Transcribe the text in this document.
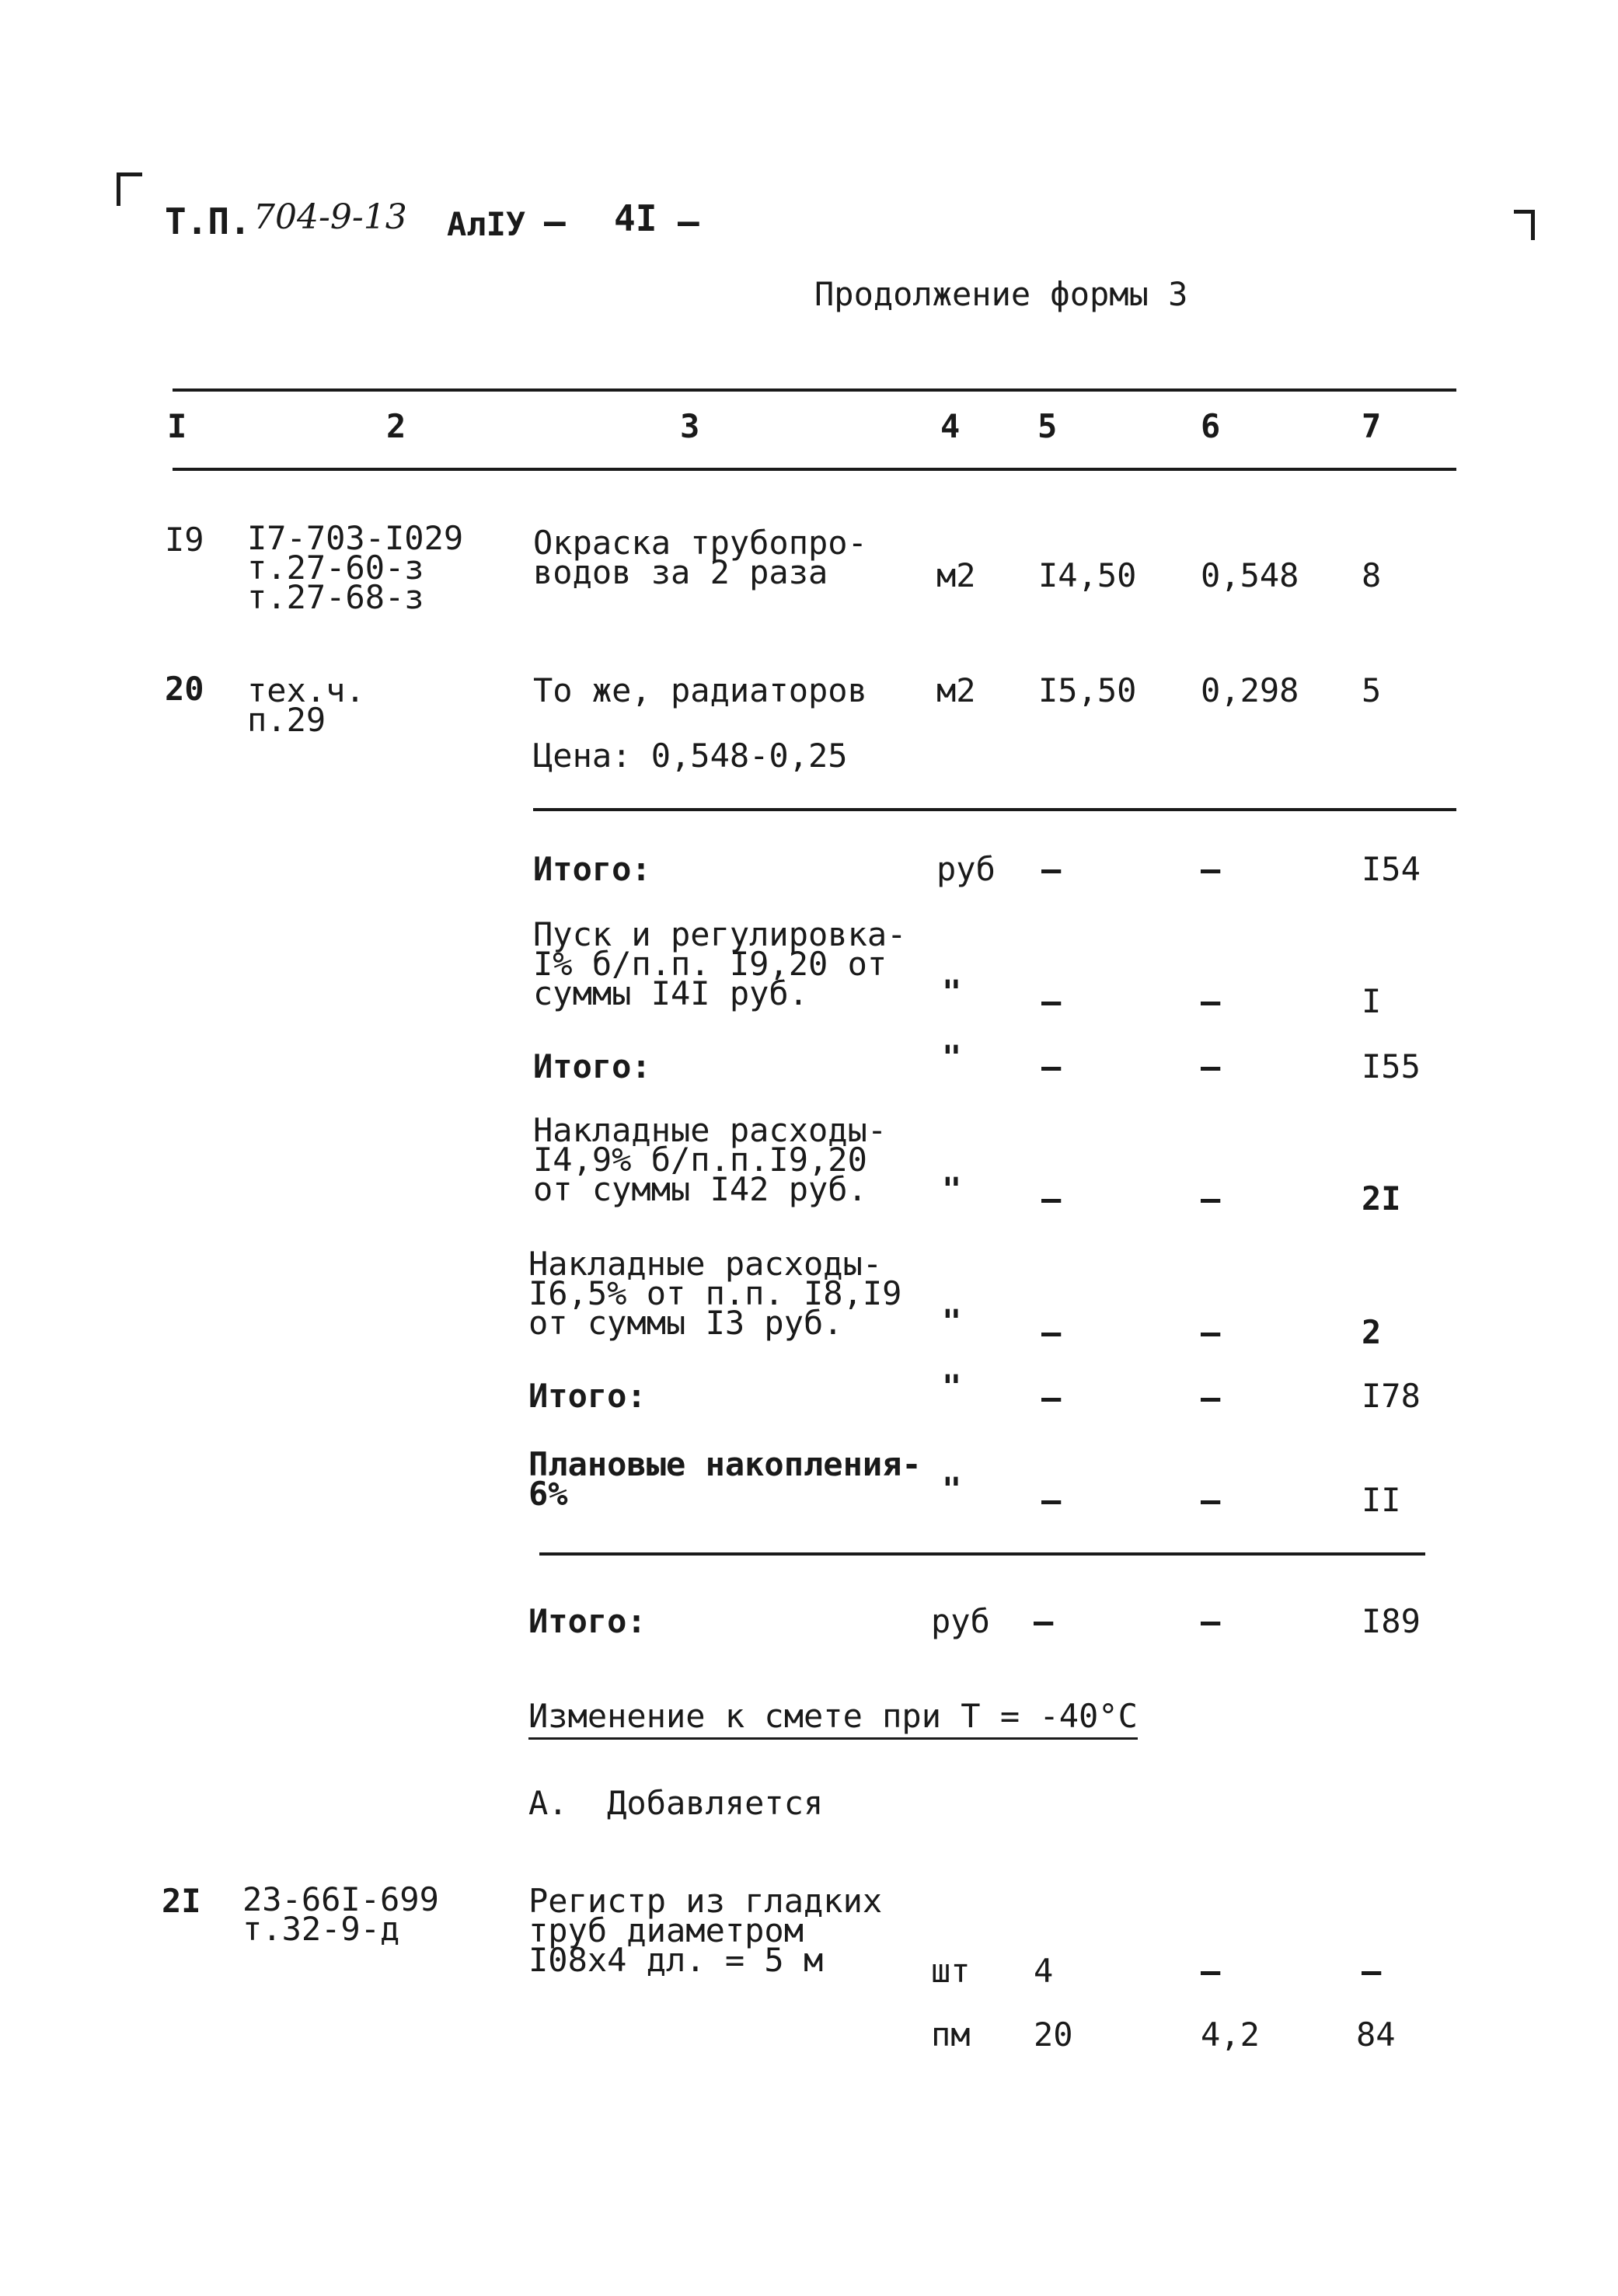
Т.П. 704-9-13 АлIУ — 4I —
Продолжение формы 3
I	2	3	4 5	6	7
I9 I7-703-I029
т.27-60-з
т.27-68-з
Окраска трубопро-
водов за 2 раза	м2 I4,50 0,548 8
20 тех.ч.
п.29
То же, радиаторов м2 I5,50 0,298 5
Цена: 0,548-0,25
Итого:	руб –	–	I54
Пуск и регулировка-
I% б/п.п. I9,20 от
суммы I4I руб.	" –	–	I
Итого:	" –	–	I55
Накладные расходы-
I4,9% б/п.п.I9,20
от суммы I42 руб.	" –	–	2I
Накладные расходы-
I6,5% от п.п. I8,I9
от суммы I3 руб.	" –	–	2
Итого:	" –	–	I78
Плановые накопления-
6%	" –	–	II
Итого:	руб –	–	I89
Изменение к смете при Т = -40°С
А.  Добавляется
2I 23-66I-699
т.32-9-д
Регистр из гладких
труб диаметром
I08х4 дл. = 5 м	шт 4	–	–
пм 20	4,2	84
